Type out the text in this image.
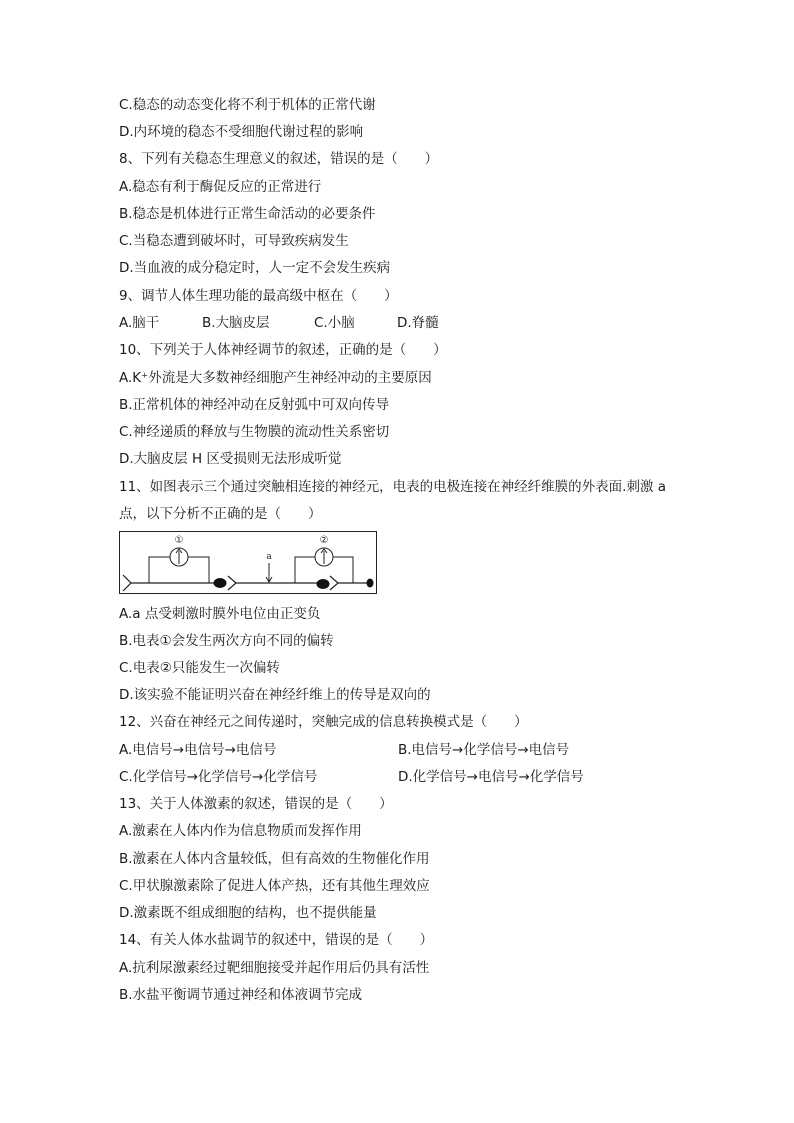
C.稳态的动态变化将不利于机体的正常代谢
D.内环境的稳态不受细胞代谢过程的影响
8、下列有关稳态生理意义的叙述，错误的是（　　）
A.稳态有利于酶促反应的正常进行
B.稳态是机体进行正常生命活动的必要条件
C.当稳态遭到破坏时，可导致疾病发生
D.当血液的成分稳定时，人一定不会发生疾病
9、调节人体生理功能的最高级中枢在（　　）
A.脑干	B.大脑皮层	C.小脑	D.脊髓
10、下列关于人体神经调节的叙述，正确的是（　　）
A.K⁺外流是大多数神经细胞产生神经冲动的主要原因
B.正常机体的神经冲动在反射弧中可双向传导
C.神经递质的释放与生物膜的流动性关系密切
D.大脑皮层 H 区受损则无法形成听觉
11、如图表示三个通过突触相连接的神经元，电表的电极连接在神经纤维膜的外表面.刺激 a
点，以下分析不正确的是（　　）
①
a
②
A.a 点受刺激时膜外电位由正变负
B.电表①会发生两次方向不同的偏转
C.电表②只能发生一次偏转
D.该实验不能证明兴奋在神经纤维上的传导是双向的
12、兴奋在神经元之间传递时，突触完成的信息转换模式是（　　）
A.电信号→电信号→电信号	B.电信号→化学信号→电信号
C.化学信号→化学信号→化学信号	D.化学信号→电信号→化学信号
13、关于人体激素的叙述，错误的是（　　）
A.激素在人体内作为信息物质而发挥作用
B.激素在人体内含量较低，但有高效的生物催化作用
C.甲状腺激素除了促进人体产热，还有其他生理效应
D.激素既不组成细胞的结构，也不提供能量
14、有关人体水盐调节的叙述中，错误的是（　　）
A.抗利尿激素经过靶细胞接受并起作用后仍具有活性
B.水盐平衡调节通过神经和体液调节完成
